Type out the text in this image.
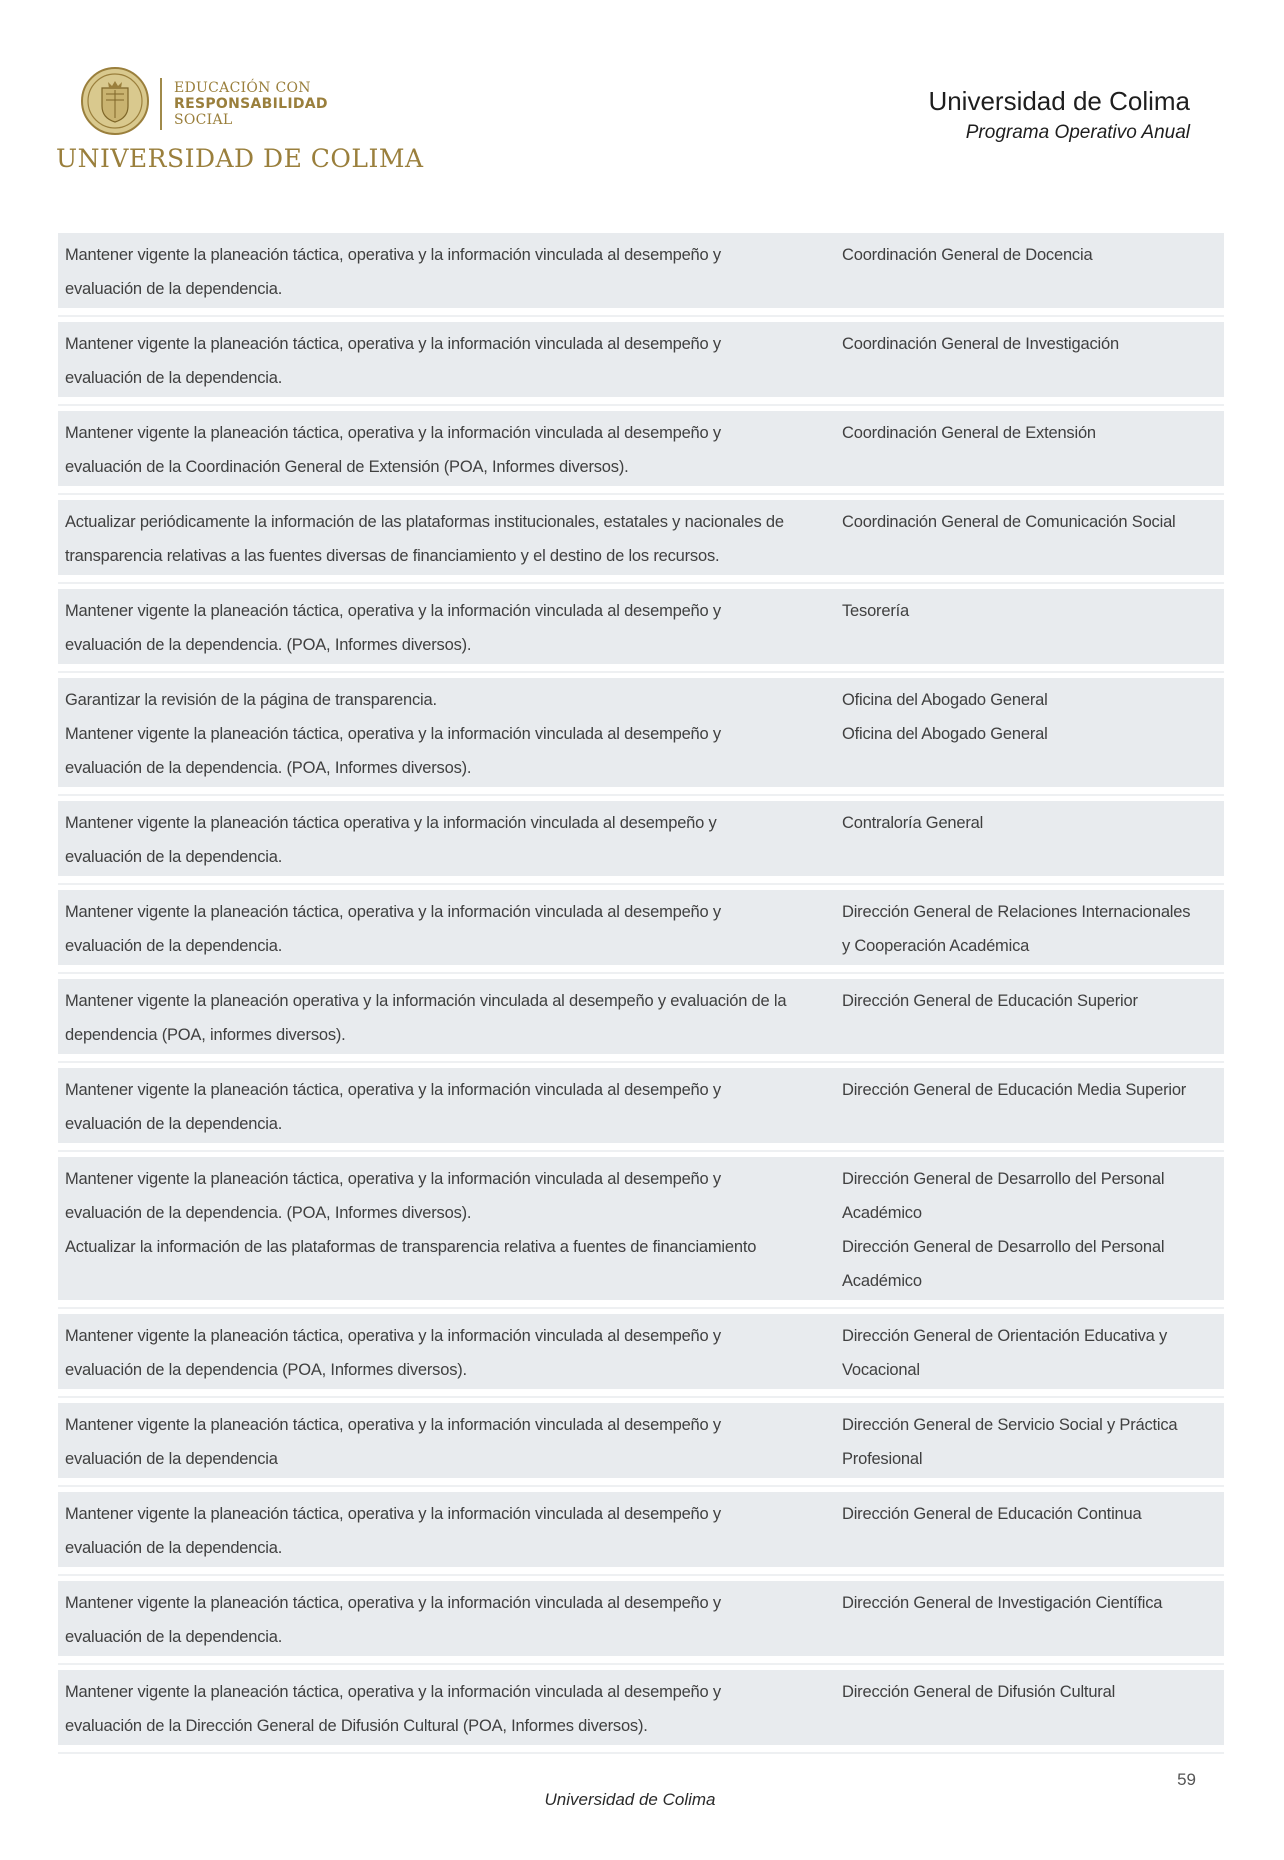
EDUCACIÓN CON
RESPONSABILIDAD
SOCIAL
UNIVERSIDAD DE COLIMA
Universidad de Colima
Programa Operativo Anual
Mantener vigente la planeación táctica, operativa y la información vinculada al desempeño y
evaluación de la dependencia.
Coordinación General de Docencia
Mantener vigente la planeación táctica, operativa y la información vinculada al desempeño y
evaluación de la dependencia.
Coordinación General de Investigación
Mantener vigente la planeación táctica, operativa y la información vinculada al desempeño y
evaluación de la Coordinación General de Extensión (POA, Informes diversos).
Coordinación General de Extensión
Actualizar periódicamente la información de las plataformas institucionales, estatales y nacionales de
transparencia relativas a las fuentes diversas de financiamiento y el destino de los recursos.
Coordinación General de Comunicación Social
Mantener vigente la planeación táctica, operativa y la información vinculada al desempeño y
evaluación de la dependencia. (POA, Informes diversos).
Tesorería
Garantizar la revisión de la página de transparencia.
Mantener vigente la planeación táctica, operativa y la información vinculada al desempeño y
evaluación de la dependencia. (POA, Informes diversos).
Oficina del Abogado General
Oficina del Abogado General
Mantener vigente la planeación táctica operativa y la información vinculada al desempeño y
evaluación de la dependencia.
Contraloría General
Mantener vigente la planeación táctica, operativa y la información vinculada al desempeño y
evaluación de la dependencia.
Dirección General de Relaciones Internacionales
y Cooperación Académica
Mantener vigente la planeación operativa y la información vinculada al desempeño y evaluación de la
dependencia (POA, informes diversos).
Dirección General de Educación Superior
Mantener vigente la planeación táctica, operativa y la información vinculada al desempeño y
evaluación de la dependencia.
Dirección General de Educación Media Superior
Mantener vigente la planeación táctica, operativa y la información vinculada al desempeño y
evaluación de la dependencia. (POA, Informes diversos).
Actualizar la información de las plataformas de transparencia relativa a fuentes de financiamiento
Dirección General de Desarrollo del Personal
Académico
Dirección General de Desarrollo del Personal
Académico
Mantener vigente la planeación táctica, operativa y la información vinculada al desempeño y
evaluación de la dependencia (POA, Informes diversos).
Dirección General de Orientación Educativa y
Vocacional
Mantener vigente la planeación táctica, operativa y la información vinculada al desempeño y
evaluación de la dependencia
Dirección General de Servicio Social y Práctica
Profesional
Mantener vigente la planeación táctica, operativa y la información vinculada al desempeño y
evaluación de la dependencia.
Dirección General de Educación Continua
Mantener vigente la planeación táctica, operativa y la información vinculada al desempeño y
evaluación de la dependencia.
Dirección General de Investigación Científica
Mantener vigente la planeación táctica, operativa y la información vinculada al desempeño y
evaluación de la Dirección General de Difusión Cultural (POA, Informes diversos).
Dirección General de Difusión Cultural
59
Universidad de Colima
